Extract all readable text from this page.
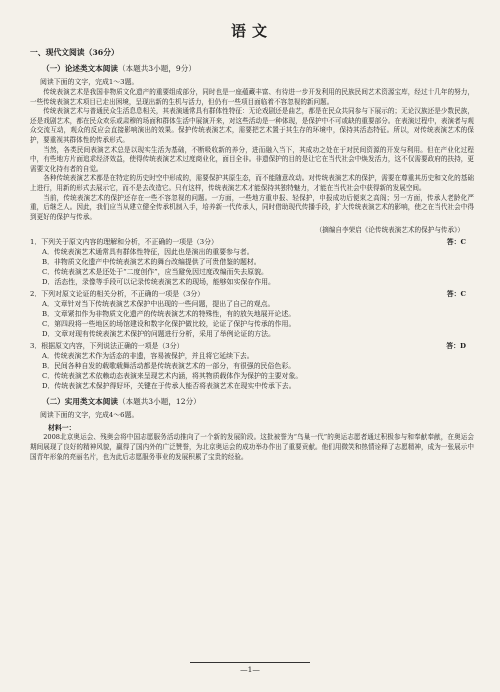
语文
一、现代文阅读（36分）
（一）论述类文本阅读（本题共3小题，9分）
阅读下面的文字，完成1～3题。

传统表演艺术是我国非物质文化遗产的重要组成部分，同时也是一座蕴藏丰富、有待进一步开发利用的民族民间艺术资源宝库，经过十几年的努力，一些传统表演艺术项目已走出困境，呈现出新的生机与活力，但仍有一些项目面临着不容忽视的新问题。

传统表演艺术与普通民众生活息息相关，其表演通常具有群体性特征：无论戏剧还是曲艺，都是在民众共同参与下展示的；无论汉族还是少数民族，还是戏剧艺术，都在民众欢乐或肃穆的场面和群体生活中展演开来，对这些活动是一种体现，是保护中不可或缺的重要部分。在表演过程中，表演者与观众交流互动，观众的反应会直接影响演出的效果。保护传统表演艺术，需要把艺术置于其生存的环境中，保持其活态特征。所以，对传统表演艺术的保护，要重视其群体性的传承形式。

当然，各类民间表演艺术总是以现实生活为基础，不断吸收新的养分，进而融入当下，其成功之处在于对民间资源的开发与利用。但在产业化过程中，有些地方片面追求经济效益，使得传统表演艺术过度商业化，面目全非。非遗保护的目的是让它在当代社会中焕发活力，这不仅需要政府的扶持，更需要文化持有者的自觉。

各种传统表演艺术都是在特定的历史时空中形成的，需要保护其原生态，而不能随意改动。对传统表演艺术的保护，需要在尊重其历史和文化的基础上进行，用新的形式去展示它，而不是去改造它。只有这样，传统表演艺术才能保持其独特魅力，才能在当代社会中获得新的发展空间。

当前，传统表演艺术的保护还存在一些不容忽视的问题。一方面，一些地方重申报、轻保护，申报成功后便束之高阁；另一方面，传承人老龄化严重，后继乏人。因此，我们应当从建立健全传承机制入手，培养新一代传承人，同时借助现代传播手段，扩大传统表演艺术的影响，使之在当代社会中得到更好的保护与传承。

（摘编自李荣启《论传统表演艺术的保护与传承》）
1．下列关于原文内容的理解和分析，不正确的一项是（3分）	答：C
A．传统表演艺术通常具有群体性特征，因此也是演出的重要参与者。
B．非物质文化遗产中传统表演艺术的舞台改编提供了可贵借鉴的题材。
C．传统表演艺术是还处于“二度创作”，应当避免因过度改编而失去原貌。
D．活态性，录像等手段可以记录传统表演艺术的现场，能够如实保存作用。
2．下列对原文论证的相关分析，不正确的一项是（3分）	答：C
A．文章针对当下传统表演艺术保护中出现的一些问题，提出了自己的观点。
B．文章紧扣作为非物质文化遗产的传统表演艺术的特殊性，有的放矢地展开论述。
C．第四段将一些地区的场馆建设和数字化保护做比较，论证了保护与传承的作用。
D．文章对现有传统表演艺术保护的问题进行分析，采用了举例论证的方法。
3．根据原文内容，下列说法正确的一项是（3分）	答：D
A．传统表演艺术作为活态的非遗，容易被保护，并且将它延续下去。
B．民间各种自发的载歌载舞活动都是传统表演艺术的一部分，有很强的民俗色彩。
C．传统表演艺术依赖动态表演来呈现艺术内涵，将其物质载体作为保护的主要对象。
D．传统表演艺术保护得好坏，关键在于传承人能否将表演艺术在现实中传承下去。
（二）实用类文本阅读（本题共3小题，12分）
阅读下面的文字，完成4～6题。
材料一：

2008北京奥运会、残奥会将中国志愿服务活动推向了一个新的发展阶段。这批被誉为“鸟巢一代”的奥运志愿者通过积极参与和奉献奉献，在奥运会期间展现了良好的精神风貌，赢得了国内外的广泛赞誉，为北京奥运会的成功举办作出了重要贡献。他们用微笑和热情诠释了志愿精神，成为一张展示中国青年形象的亮丽名片，也为此后志愿服务事业的发展积累了宝贵的经验。

—1—
